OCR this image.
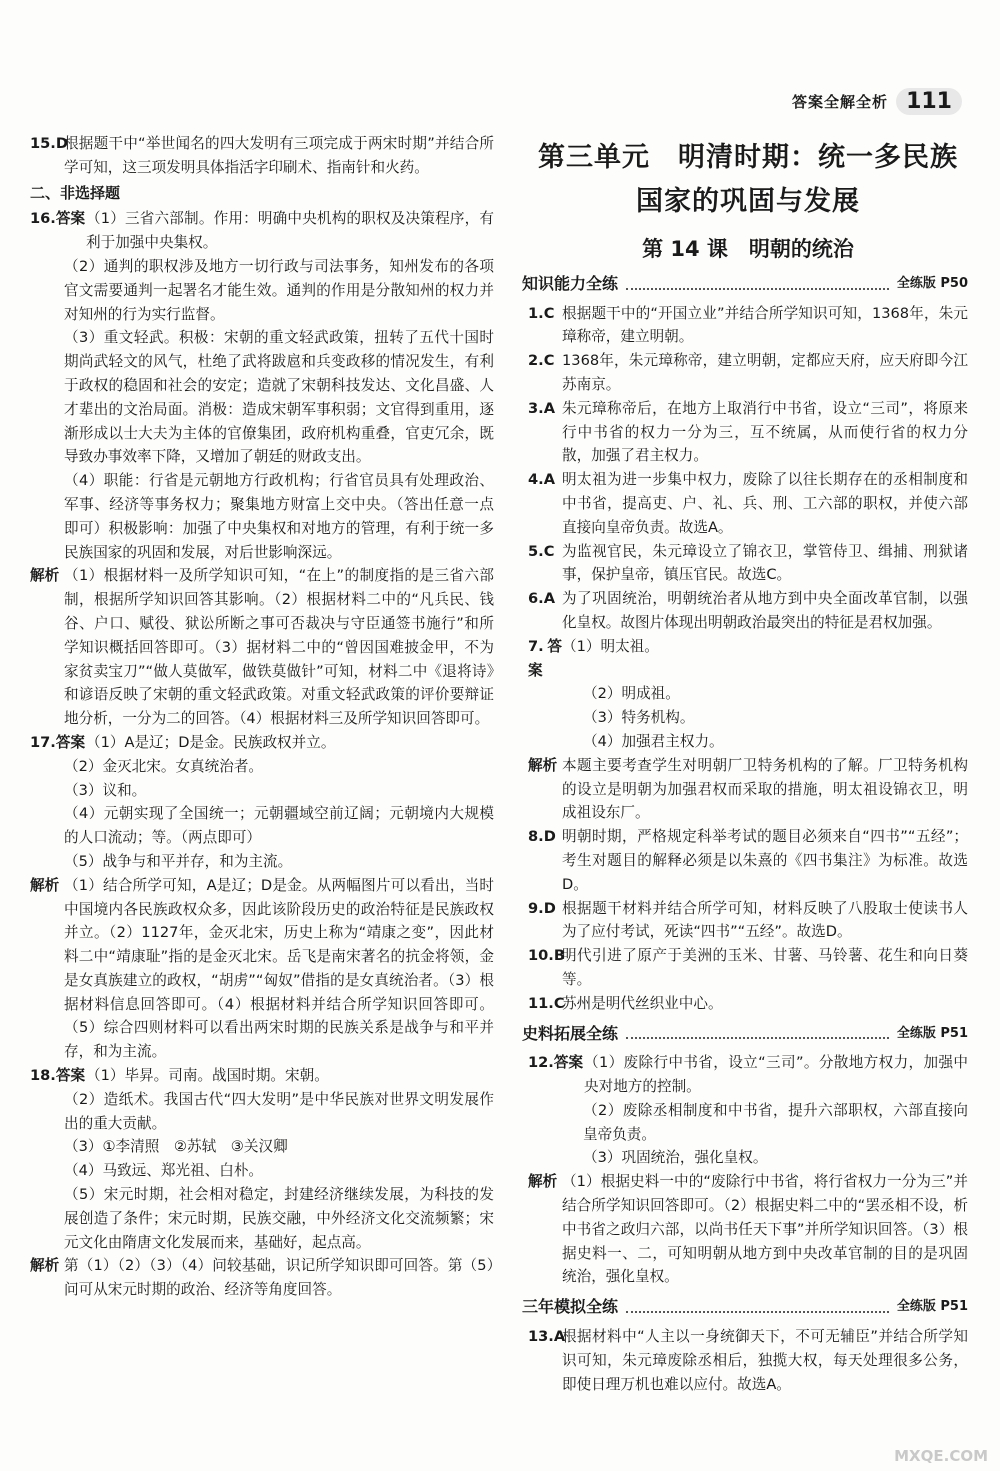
答案全解全析 111
15.D
根据题干中“举世闻名的四大发明有三项完成于两宋时期”并结合所学可知，这三项发明具体指活字印刷术、指南针和火药。
二、非选择题
16.答案 （1）三省六部制。作用：明确中央机构的职权及决策程序，有利于加强中央集权。
（2）通判的职权涉及地方一切行政与司法事务，知州发布的各项官文需要通判一起署名才能生效。通判的作用是分散知州的权力并对知州的行为实行监督。
（3）重文轻武。积极：宋朝的重文轻武政策，扭转了五代十国时期尚武轻文的风气，杜绝了武将跋扈和兵变政移的情况发生，有利于政权的稳固和社会的安定；造就了宋朝科技发达、文化昌盛、人才辈出的文治局面。消极：造成宋朝军事积弱；文官得到重用，逐渐形成以士大夫为主体的官僚集团，政府机构重叠，官吏冗余，既导致办事效率下降，又增加了朝廷的财政支出。
（4）职能：行省是元朝地方行政机构；行省官员具有处理政治、军事、经济等事务权力；聚集地方财富上交中央。（答出任意一点即可）积极影响：加强了中央集权和对地方的管理，有利于统一多民族国家的巩固和发展，对后世影响深远。
解析 （1）根据材料一及所学知识可知，“在上”的制度指的是三省六部制，根据所学知识回答其影响。（2）根据材料二中的“凡兵民、钱谷、户口、赋役、狱讼所断之事可否裁决与守臣通签书施行”和所学知识概括回答即可。（3）据材料二中的“曾因国难披金甲，不为家贫卖宝刀”“做人莫做军，做铁莫做针”可知，材料二中《退将诗》和谚语反映了宋朝的重文轻武政策。对重文轻武政策的评价要辩证地分析，一分为二的回答。（4）根据材料三及所学知识回答即可。
17.答案 （1）A是辽；D是金。民族政权并立。
（2）金灭北宋。女真统治者。
（3）议和。
（4）元朝实现了全国统一；元朝疆域空前辽阔；元朝境内大规模的人口流动；等。（两点即可）
（5）战争与和平并存，和为主流。
解析 （1）结合所学可知，A是辽；D是金。从两幅图片可以看出，当时中国境内各民族政权众多，因此该阶段历史的政治特征是民族政权并立。（2）1127年，金灭北宋，历史上称为“靖康之变”，因此材料二中“靖康耻”指的是金灭北宋。岳飞是南宋著名的抗金将领，金是女真族建立的政权，“胡虏”“匈奴”借指的是女真统治者。（3）根据材料信息回答即可。（4）根据材料并结合所学知识回答即可。（5）综合四则材料可以看出两宋时期的民族关系是战争与和平并存，和为主流。
18.答案 （1）毕昇。司南。战国时期。宋朝。
（2）造纸术。我国古代“四大发明”是中华民族对世界文明发展作出的重大贡献。
（3）①李清照　②苏轼　③关汉卿
（4）马致远、郑光祖、白朴。
（5）宋元时期，社会相对稳定，封建经济继续发展，为科技的发展创造了条件；宋元时期，民族交融，中外经济文化交流频繁；宋元文化由隋唐文化发展而来，基础好，起点高。
解析 第（1）（2）（3）（4）问较基础，识记所学知识即可回答。第（5）问可从宋元时期的政治、经济等角度回答。
第三单元　明清时期：统一多民族
国家的巩固与发展
第 14 课　明朝的统治
知识能力全练	全练版 P50
1.C 根据题干中的“开国立业”并结合所学知识可知，1368年，朱元璋称帝，建立明朝。
2.C 1368年，朱元璋称帝，建立明朝，定都应天府，应天府即今江苏南京。
3.A 朱元璋称帝后，在地方上取消行中书省，设立“三司”，将原来行中书省的权力一分为三，互不统属，从而使行省的权力分散，加强了君主权力。
4.A 明太祖为进一步集中权力，废除了以往长期存在的丞相制度和中书省，提高吏、户、礼、兵、刑、工六部的职权，并使六部直接向皇帝负责。故选A。
5.C 为监视官民，朱元璋设立了锦衣卫，掌管侍卫、缉捕、刑狱诸事，保护皇帝，镇压官民。故选C。
6.A 为了巩固统治，明朝统治者从地方到中央全面改革官制，以强化皇权。故图片体现出明朝政治最突出的特征是君权加强。
7.答案
（1）明太祖。
（2）明成祖。
（3）特务机构。
（4）加强君主权力。
解析 本题主要考查学生对明朝厂卫特务机构的了解。厂卫特务机构的设立是明朝为加强君权而采取的措施，明太祖设锦衣卫，明成祖设东厂。
8.D 明朝时期，严格规定科举考试的题目必须来自“四书”“五经”；考生对题目的解释必须是以朱熹的《四书集注》为标准。故选D。
9.D 根据题干材料并结合所学可知，材料反映了八股取士使读书人为了应付考试，死读“四书”“五经”。故选D。
10.B
明代引进了原产于美洲的玉米、甘薯、马铃薯、花生和向日葵等。
11.C
苏州是明代丝织业中心。
史料拓展全练	全练版 P51
12.答案 （1）废除行中书省，设立“三司”。分散地方权力，加强中央对地方的控制。
（2）废除丞相制度和中书省，提升六部职权，六部直接向皇帝负责。
（3）巩固统治，强化皇权。
解析 （1）根据史料一中的“废除行中书省，将行省权力一分为三”并结合所学知识回答即可。（2）根据史料二中的“罢丞相不设，析中书省之政归六部，以尚书任天下事”并所学知识回答。（3）根据史料一、二，可知明朝从地方到中央改革官制的目的是巩固统治，强化皇权。
三年模拟全练	全练版 P51
13.A
根据材料中“人主以一身统御天下，不可无辅臣”并结合所学知识可知，朱元璋废除丞相后，独揽大权，每天处理很多公务，即使日理万机也难以应付。故选A。
MXQE.COM
